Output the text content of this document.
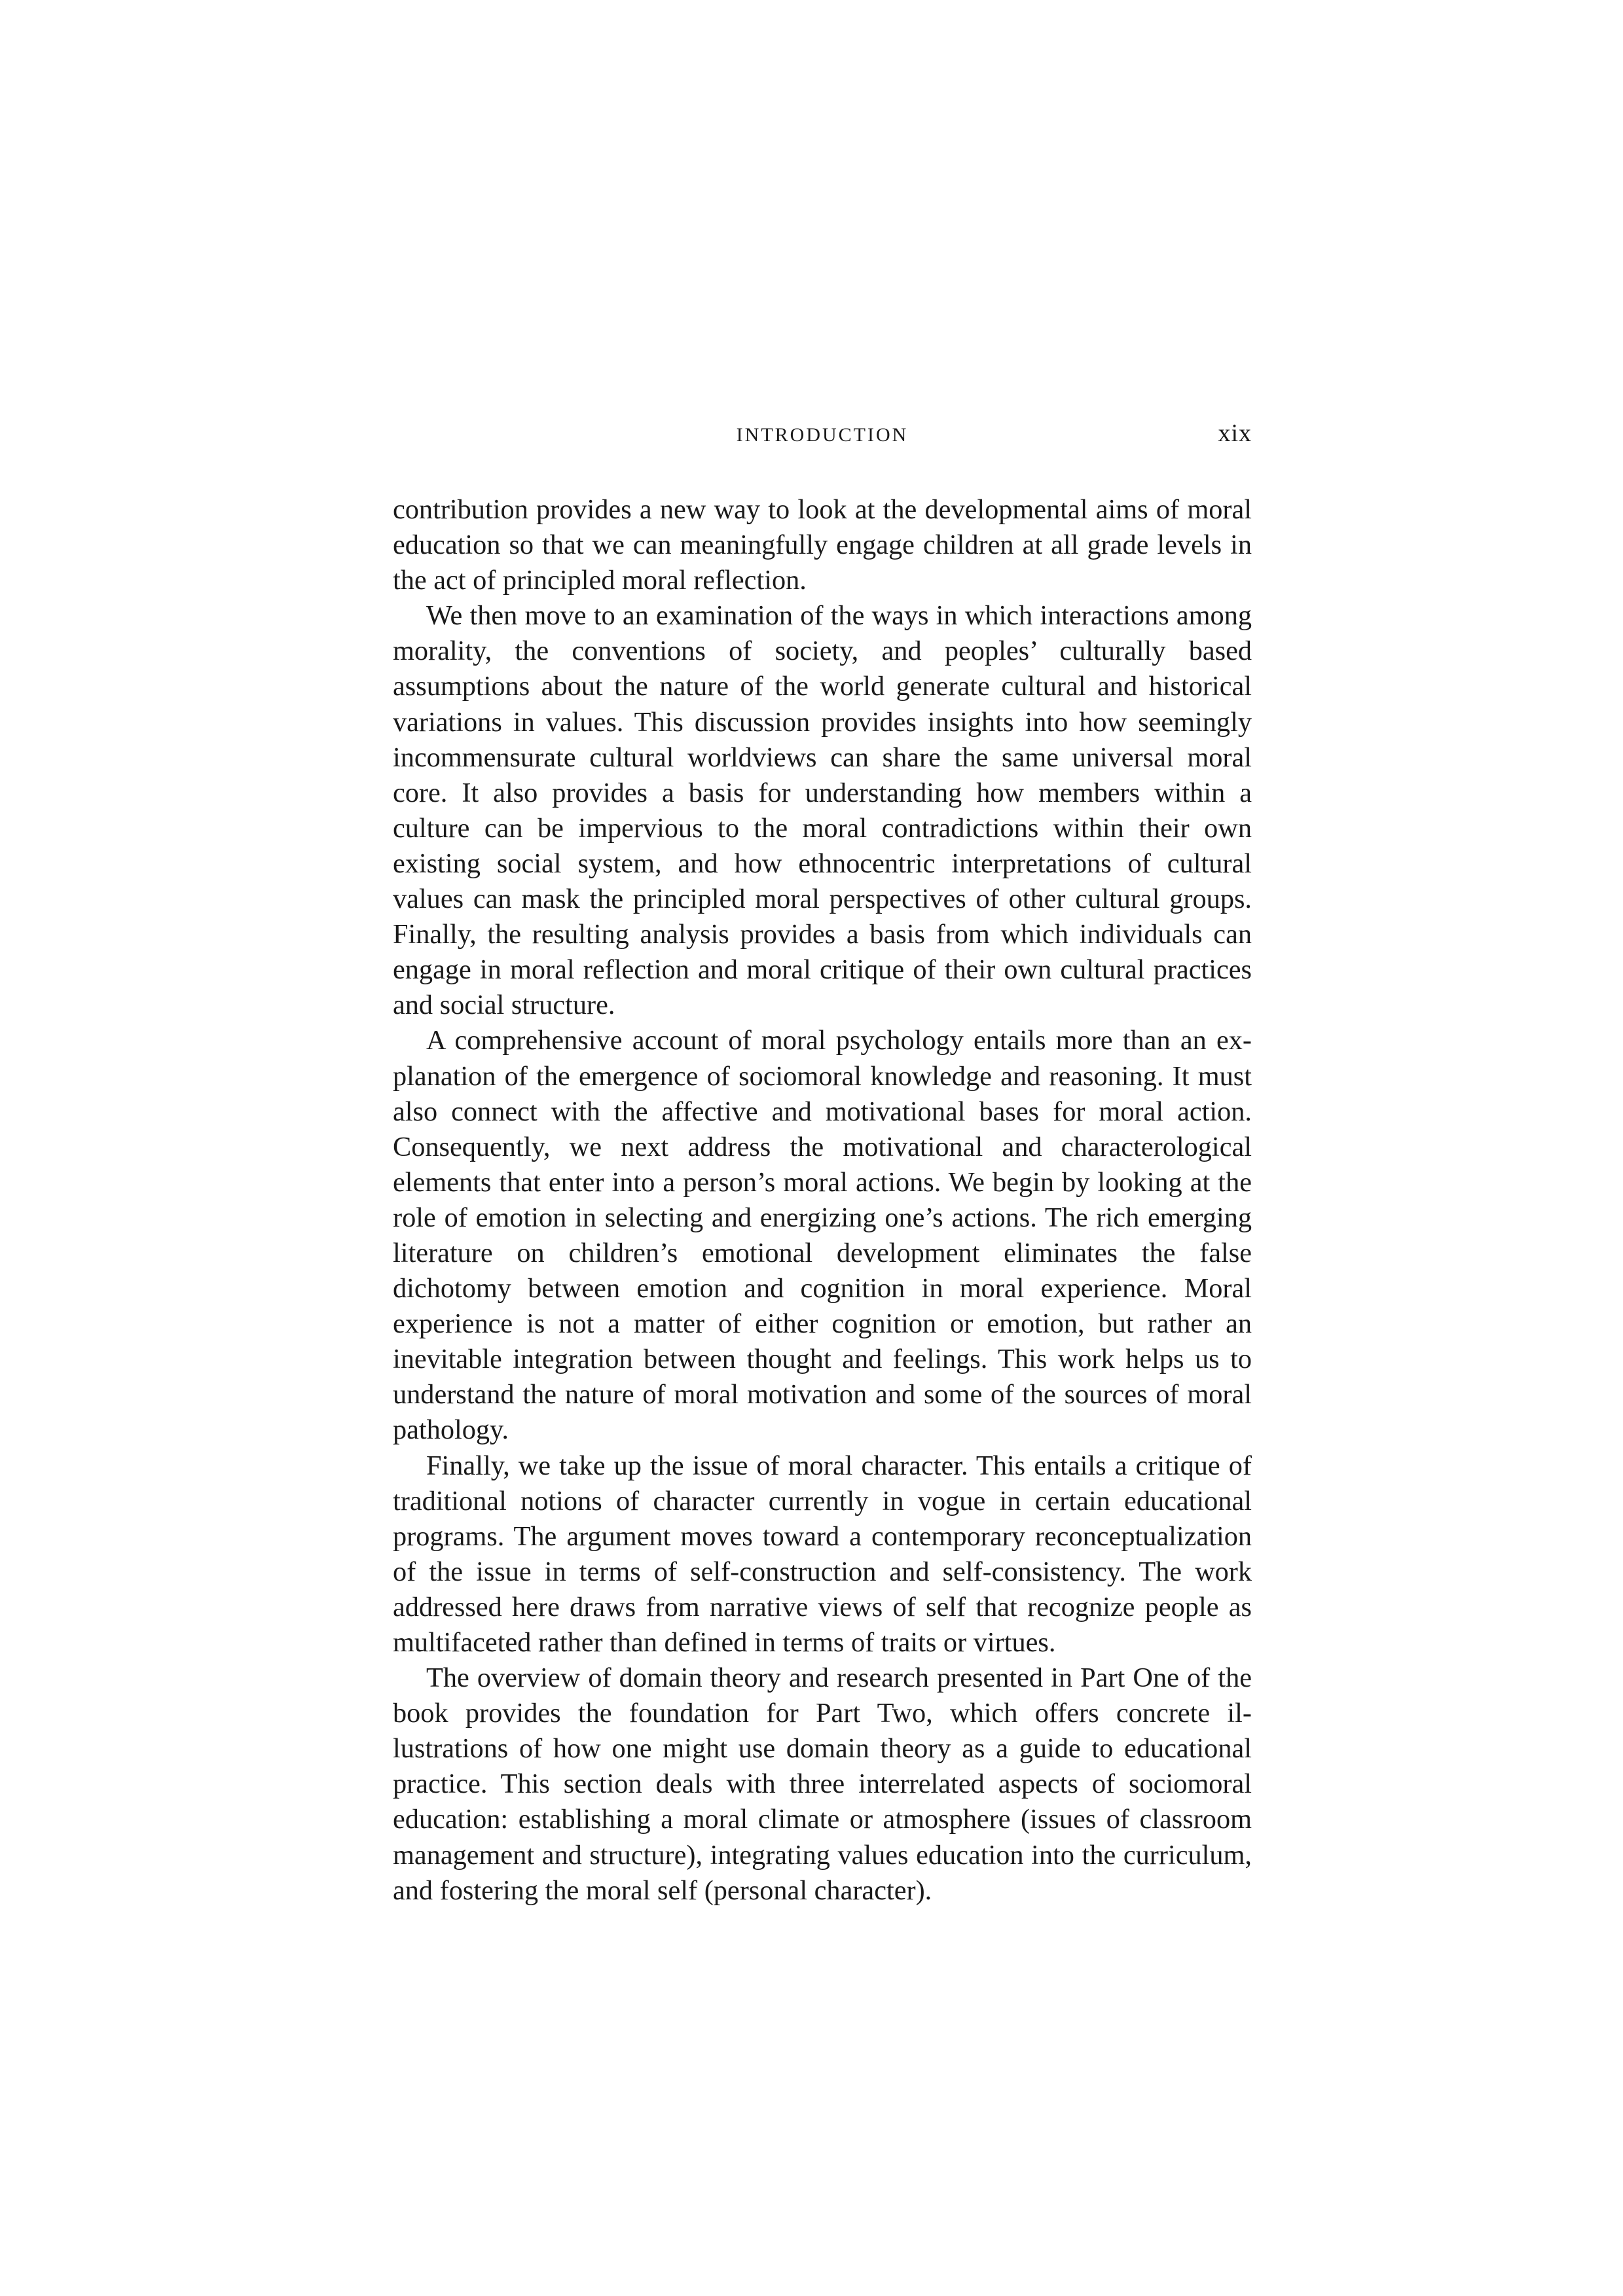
INTRODUCTION	xix

contribution provides a new way to look at the developmental aims of moral education so that we can meaningfully engage children at all grade levels in the act of principled moral reflection.

We then move to an examination of the ways in which interactions among morality, the conventions of society, and peoples’ culturally based assumptions about the nature of the world generate cultural and historical variations in values. This discussion provides insights into how seemingly incommensurate cultural worldviews can share the same universal moral core. It also provides a basis for understanding how members within a culture can be impervious to the moral contradictions within their own existing social system, and how ethnocentric interpretations of cultural values can mask the principled moral perspectives of other cultural groups. Finally, the resulting analysis provides a basis from which individuals can engage in moral reflection and moral critique of their own cultural practices and social structure.

A comprehensive account of moral psychology entails more than an explanation of the emergence of sociomoral knowledge and reasoning. It must also connect with the affective and motivational bases for moral action. Consequently, we next address the motivational and characterological elements that enter into a person’s moral actions. We begin by looking at the role of emotion in selecting and energizing one’s actions. The rich emerging literature on children’s emotional development eliminates the false dichotomy between emotion and cognition in moral experience. Moral experience is not a matter of either cognition or emotion, but rather an inevitable integration between thought and feelings. This work helps us to understand the nature of moral motivation and some of the sources of moral pathology.

Finally, we take up the issue of moral character. This entails a critique of traditional notions of character currently in vogue in certain educational programs. The argument moves toward a contemporary reconceptualization of the issue in terms of self-construction and self-consistency. The work addressed here draws from narrative views of self that recognize people as multifaceted rather than defined in terms of traits or virtues.

The overview of domain theory and research presented in Part One of the book provides the foundation for Part Two, which offers concrete illustrations of how one might use domain theory as a guide to educational practice. This section deals with three interrelated aspects of sociomoral education: establishing a moral climate or atmosphere (issues of classroom management and structure), integrating values education into the curriculum, and fostering the moral self (personal character).
